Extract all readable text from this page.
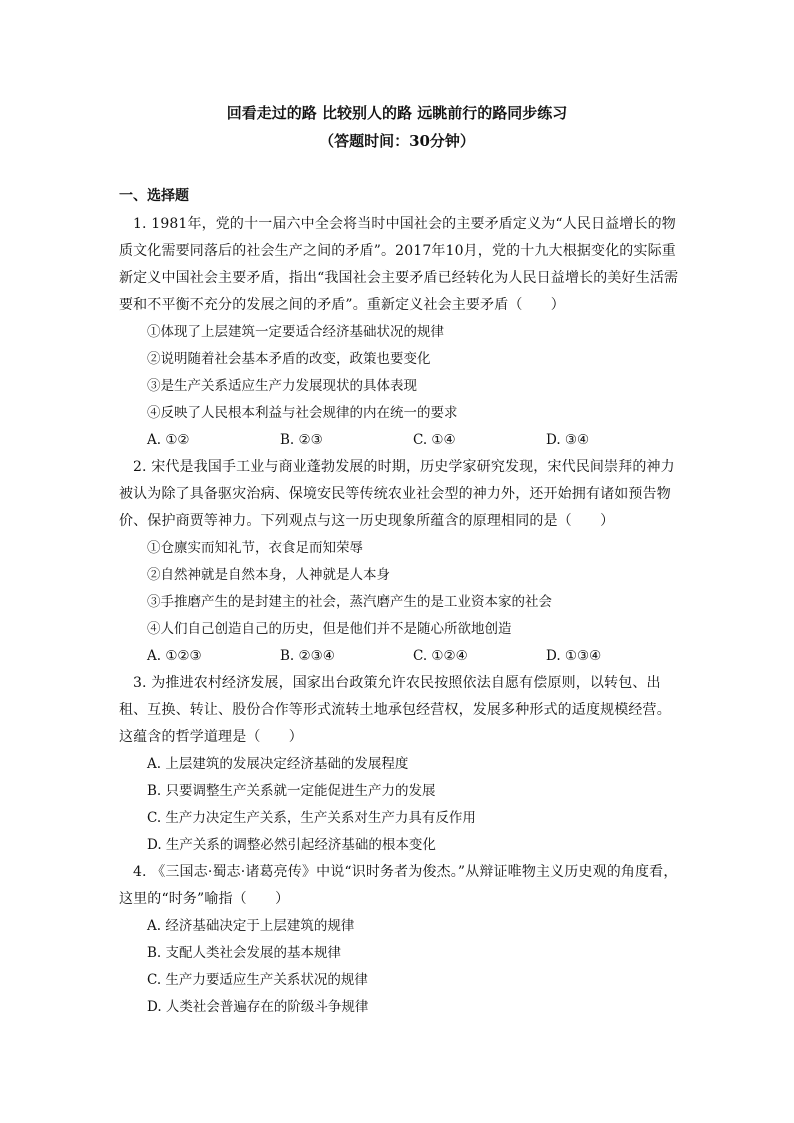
回看走过的路 比较别人的路 远眺前行的路同步练习
（答题时间：30分钟）
一、选择题

1. 1981年，党的十一届六中全会将当时中国社会的主要矛盾定义为“人民日益增长的物质文化需要同落后的社会生产之间的矛盾”。2017年10月，党的十九大根据变化的实际重新定义中国社会主要矛盾，指出“我国社会主要矛盾已经转化为人民日益增长的美好生活需要和不平衡不充分的发展之间的矛盾”。重新定义社会主要矛盾（　　）

①体现了上层建筑一定要适合经济基础状况的规律
②说明随着社会基本矛盾的改变，政策也要变化
③是生产关系适应生产力发展现状的具体表现
④反映了人民根本利益与社会规律的内在统一的要求
A. ①②	B. ②③	C. ①④	D. ③④

2. 宋代是我国手工业与商业蓬勃发展的时期，历史学家研究发现，宋代民间崇拜的神力被认为除了具备驱灾治病、保境安民等传统农业社会型的神力外，还开始拥有诸如预告物价、保护商贾等神力。下列观点与这一历史现象所蕴含的原理相同的是（　　）

①仓廪实而知礼节，衣食足而知荣辱
②自然神就是自然本身，人神就是人本身
③手推磨产生的是封建主的社会，蒸汽磨产生的是工业资本家的社会
④人们自己创造自己的历史，但是他们并不是随心所欲地创造
A. ①②③	B. ②③④	C. ①②④	D. ①③④

3. 为推进农村经济发展，国家出台政策允许农民按照依法自愿有偿原则，以转包、出租、互换、转让、股份合作等形式流转土地承包经营权，发展多种形式的适度规模经营。这蕴含的哲学道理是（　　）

A. 上层建筑的发展决定经济基础的发展程度
B. 只要调整生产关系就一定能促进生产力的发展
C. 生产力决定生产关系，生产关系对生产力具有反作用
D. 生产关系的调整必然引起经济基础的根本变化

4. 《三国志·蜀志·诸葛亮传》中说“识时务者为俊杰。”从辩证唯物主义历史观的角度看，这里的“时务”喻指（　　）

A. 经济基础决定于上层建筑的规律
B. 支配人类社会发展的基本规律
C. 生产力要适应生产关系状况的规律
D. 人类社会普遍存在的阶级斗争规律
